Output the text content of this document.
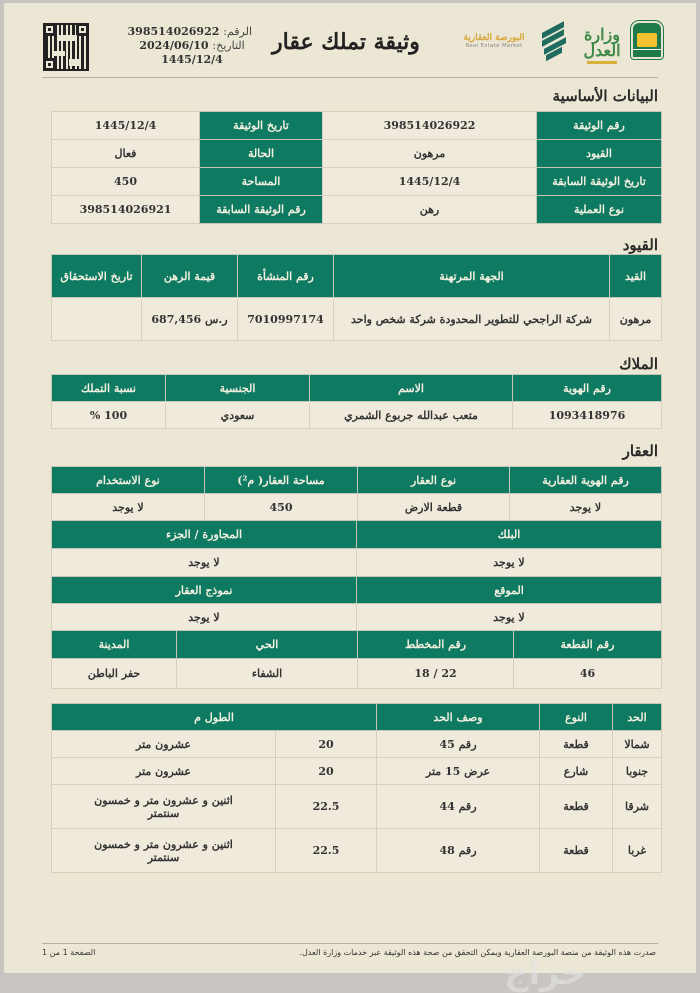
الرقم: 398514026922
التاريخ: 2024/06/10
1445/12/4
وثيقة تملك عقار	البورصة العقارية
Real Estate Market
وزارة العدل
البيانات الأساسية
رقم الوثيقة	398514026922	تاريخ الوثيقة	1445/12/4
القيود	مرهون	الحالة	فعال
تاريخ الوثيقة السابقة	1445/12/4	المساحة	450
نوع العملية	رهن	رقم الوثيقة السابقة	398514026921
القيود
القيد	الجهة المرتهنة	رقم المنشأة	قيمة الرهن	تاريخ الاستحقاق
مرهون	شركة الراجحي للتطوير المحدودة شركة شخص واحد	7010997174	ر.س 687,456	
الملاك
رقم الهوية	الاسم	الجنسية	نسبة التملك
1093418976	متعب عبدالله جربوع الشمري	سعودي	100 %
العقار
رقم الهوية العقارية	نوع العقار	مساحة العقار( م²)	نوع الاستخدام
لا يوجد	قطعة الارض	450	لا يوجد
البلك	المجاورة / الجزء
لا يوجد	لا يوجد
الموقع	نموذج العقار
لا يوجد	لا يوجد
رقم القطعة	رقم المخطط	الحي	المدينة
46	22 / 18	الشفاء	حفر الباطن
الحد	النوع	وصف الحد	الطول م	
شمالا	قطعة	رقم 45	20	عشرون متر
جنوبا	شارع	عرض 15 متر	20	عشرون متر
شرقا	قطعة	رقم 44	22.5	اثنين و عشرون متر و خمسون سنتمتر
غربا	قطعة	رقم 48	22.5	اثنين و عشرون متر و خمسون سنتمتر
صدرت هذه الوثيقة من منصة البورصة العقارية ويمكن التحقق من صحة هذه الوثيقة عبر خدمات وزارة العدل.
الصفحة 1 من 1
حراج
